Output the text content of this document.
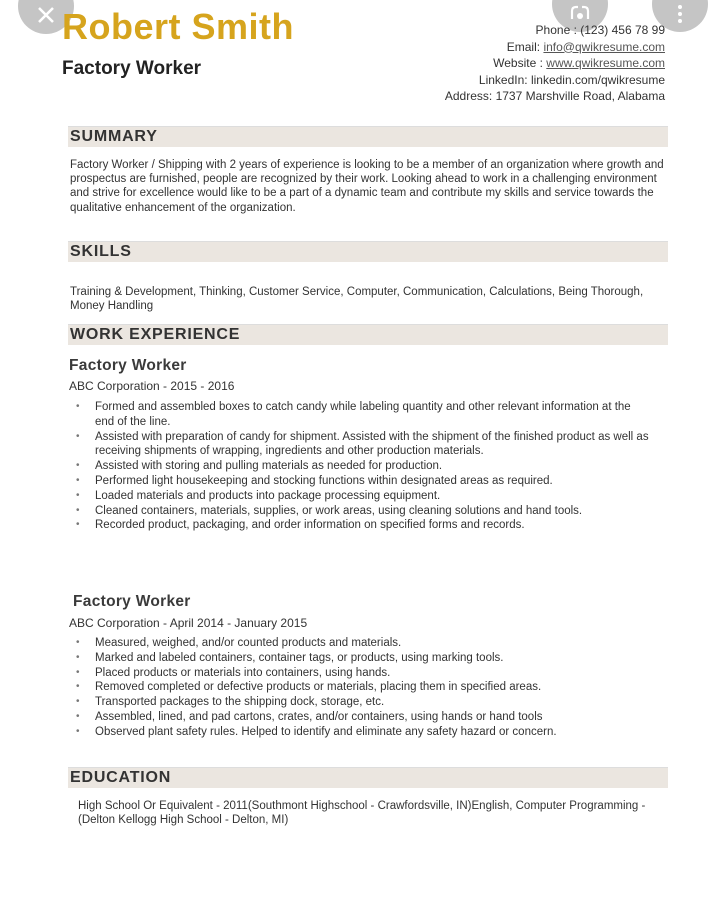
Robert Smith
Factory Worker
Phone : (123) 456 78 99
Email: info@qwikresume.com
Website : www.qwikresume.com
LinkedIn: linkedin.com/qwikresume
Address: 1737 Marshville Road, Alabama
SUMMARY
Factory Worker / Shipping with 2 years of experience is looking to be a member of an organization where growth and prospectus are furnished, people are recognized by their work. Looking ahead to work in a challenging environment and strive for excellence would like to be a part of a dynamic team and contribute my skills and service towards the qualitative enhancement of the organization.
SKILLS
Training & Development, Thinking, Customer Service, Computer, Communication, Calculations, Being Thorough, Money Handling
WORK EXPERIENCE
Factory Worker
ABC Corporation - 2015 - 2016
• Formed and assembled boxes to catch candy while labeling quantity and other relevant information at the end of the line.
• Assisted with preparation of candy for shipment. Assisted with the shipment of the finished product as well as receiving shipments of wrapping, ingredients and other production materials.
• Assisted with storing and pulling materials as needed for production.
• Performed light housekeeping and stocking functions within designated areas as required.
• Loaded materials and products into package processing equipment.
• Cleaned containers, materials, supplies, or work areas, using cleaning solutions and hand tools.
• Recorded product, packaging, and order information on specified forms and records.
Factory Worker
ABC Corporation - April 2014 - January 2015
• Measured, weighed, and/or counted products and materials.
• Marked and labeled containers, container tags, or products, using marking tools.
• Placed products or materials into containers, using hands.
• Removed completed or defective products or materials, placing them in specified areas.
• Transported packages to the shipping dock, storage, etc.
• Assembled, lined, and pad cartons, crates, and/or containers, using hands or hand tools
• Observed plant safety rules. Helped to identify and eliminate any safety hazard or concern.
EDUCATION
High School Or Equivalent - 2011(Southmont Highschool - Crawfordsville, IN)English, Computer Programming - (Delton Kellogg High School - Delton, MI)
